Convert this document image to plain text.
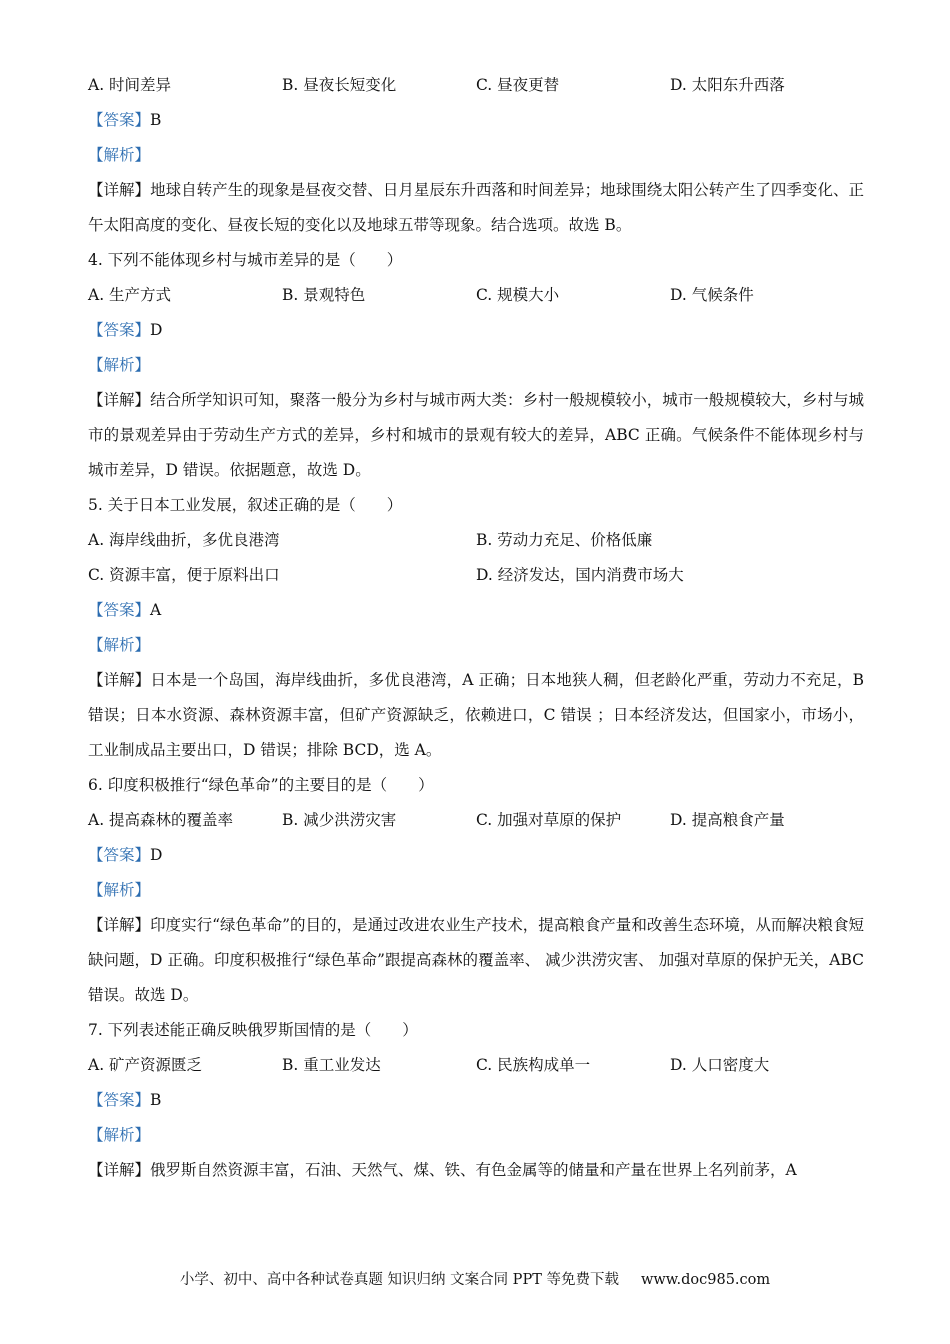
A. 时间差异	B. 昼夜长短变化	C. 昼夜更替	D. 太阳东升西落
【答案】B
【解析】
【详解】地球自转产生的现象是昼夜交替、日月星辰东升西落和时间差异；地球围绕太阳公转产生了四季变化、正午太阳高度的变化、昼夜长短的变化以及地球五带等现象。结合选项。故选 B。
4. 下列不能体现乡村与城市差异的是（　　）
A. 生产方式	B. 景观特色	C. 规模大小	D. 气候条件
【答案】D
【解析】
【详解】结合所学知识可知，聚落一般分为乡村与城市两大类：乡村一般规模较小，城市一般规模较大，乡村与城市的景观差异由于劳动生产方式的差异，乡村和城市的景观有较大的差异，ABC 正确。气候条件不能体现乡村与城市差异，D 错误。依据题意，故选 D。
5. 关于日本工业发展，叙述正确的是（　　）
A. 海岸线曲折，多优良港湾	B. 劳动力充足、价格低廉
C. 资源丰富，便于原料出口	D. 经济发达，国内消费市场大
【答案】A
【解析】
【详解】日本是一个岛国，海岸线曲折，多优良港湾，A 正确；日本地狭人稠，但老龄化严重，劳动力不充足，B 错误；日本水资源、森林资源丰富，但矿产资源缺乏，依赖进口，C 错误 ；日本经济发达，但国家小，市场小，工业制成品主要出口，D 错误；排除 BCD，选 A。
6. 印度积极推行“绿色革命”的主要目的是（　　）
A. 提高森林的覆盖率	B. 减少洪涝灾害	C. 加强对草原的保护	D. 提高粮食产量
【答案】D
【解析】
【详解】印度实行“绿色革命”的目的，是通过改进农业生产技术，提高粮食产量和改善生态环境，从而解决粮食短缺问题，D 正确。印度积极推行“绿色革命”跟提高森林的覆盖率、 减少洪涝灾害、 加强对草原的保护无关，ABC 错误。故选 D。
7. 下列表述能正确反映俄罗斯国情的是（　　）
A. 矿产资源匮乏	B. 重工业发达	C. 民族构成单一	D. 人口密度大
【答案】B
【解析】
【详解】俄罗斯自然资源丰富，石油、天然气、煤、铁、有色金属等的储量和产量在世界上名列前茅，A
小学、初中、高中各种试卷真题 知识归纳 文案合同 PPT 等免费下载 www.doc985.com
